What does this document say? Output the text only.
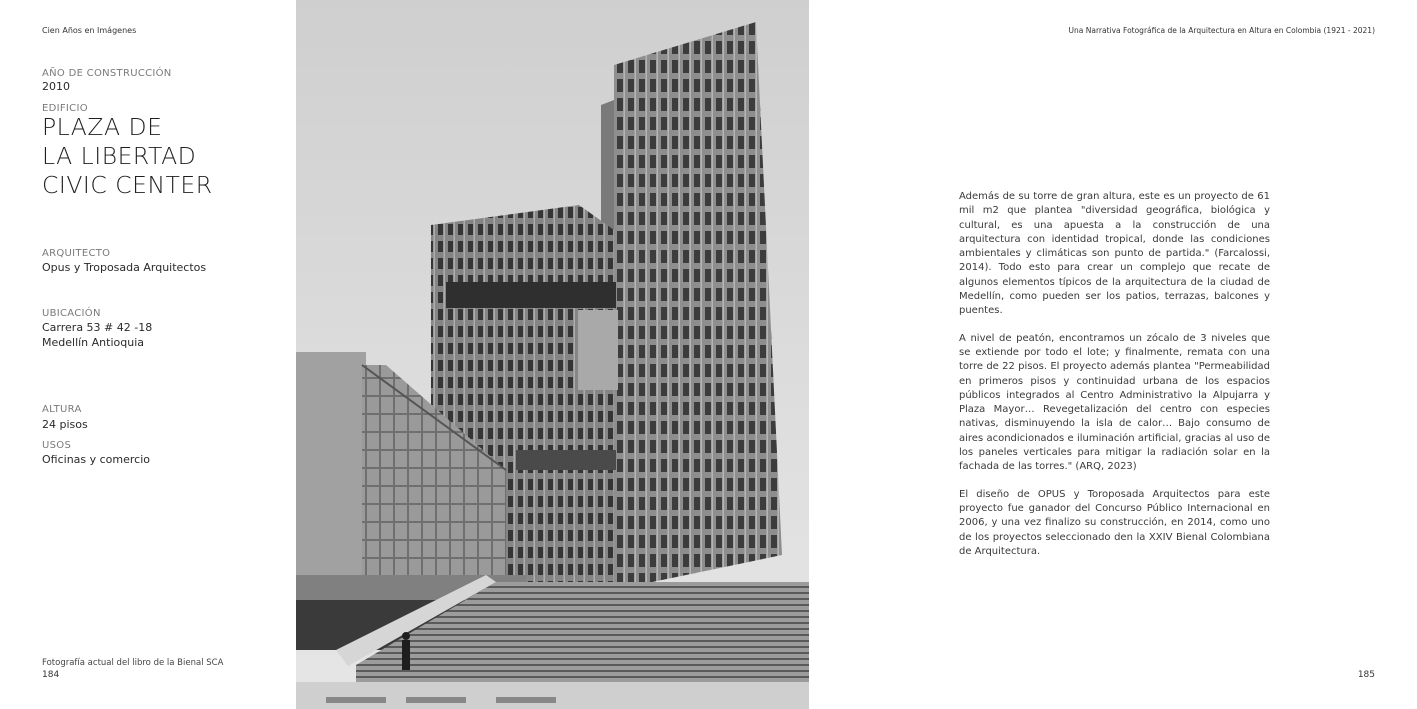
Cien Años en Imágenes
AÑO DE CONSTRUCCIÓN
2010
EDIFICIO
PLAZA DE
LA LIBERTAD
CIVIC CENTER
ARQUITECTO
Opus y Troposada Arquitectos
UBICACIÓN
Carrera 53 # 42 -18
Medellín Antioquia
ALTURA
24 pisos
USOS
Oficinas y comercio
Fotografía actual del libro de la Bienal SCA
184
Una Narrativa Fotográfica de la Arquitectura en Altura en Colombia (1921 - 2021)

Además de su torre de gran altura, este es un proyecto de 61 mil m2 que plantea "diversidad geográfica, biológica y cultural, es una apuesta a la construcción de una arquitectura con identidad tropical, donde las condiciones ambientales y climáticas son punto de partida." (Farcalossi, 2014). Todo esto para crear un complejo que recate de algunos elementos típicos de la arquitectura de la ciudad de Medellín, como pueden ser los patios, terrazas, balcones y puentes.

A nivel de peatón, encontramos un zócalo de 3 niveles que se extiende por todo el lote; y finalmente, remata con una torre de 22 pisos. El proyecto además plantea "Permeabilidad en primeros pisos y continuidad urbana de los espacios públicos integrados al Centro Administrativo la Alpujarra y Plaza Mayor… Revegetalización del centro con especies nativas, disminuyendo la isla de calor… Bajo consumo de aires acondicionados e iluminación artificial, gracias al uso de los paneles verticales para mitigar la radiación solar en la fachada de las torres." (ARQ, 2023)

El diseño de OPUS y Toroposada Arquitectos para este proyecto fue ganador del Concurso Público Internacional en 2006, y una vez finalizo su construcción, en 2014, como uno de los proyectos seleccionado den la XXIV Bienal Colombiana de Arquitectura.

185
